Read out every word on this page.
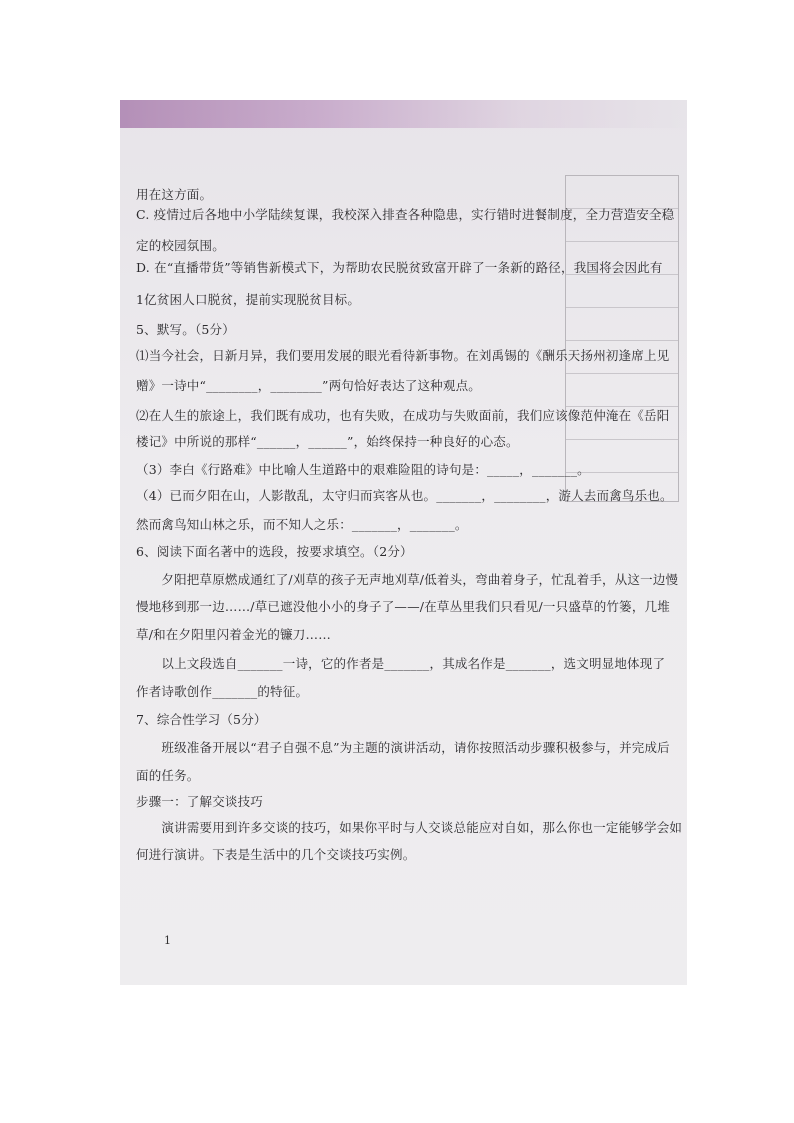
用在这方面。
C. 疫情过后各地中小学陆续复课，我校深入排查各种隐患，实行错时进餐制度，全力营造安全稳
定的校园氛围。
D. 在“直播带货”等销售新模式下，为帮助农民脱贫致富开辟了一条新的路径，我国将会因此有
1亿贫困人口脱贫，提前实现脱贫目标。
5、默写。（5分）
⑴当今社会，日新月异，我们要用发展的眼光看待新事物。在刘禹锡的《酬乐天扬州初逢席上见
赠》一诗中“________，________”两句恰好表达了这种观点。
⑵在人生的旅途上，我们既有成功，也有失败，在成功与失败面前，我们应该像范仲淹在《岳阳
楼记》中所说的那样“______，______”，始终保持一种良好的心态。
（3）李白《行路难》中比喻人生道路中的艰难险阻的诗句是：_____，_______。
（4）已而夕阳在山，人影散乱，太守归而宾客从也。_______，________，游人去而禽鸟乐也。
然而禽鸟知山林之乐，而不知人之乐：_______，_______。
6、阅读下面名著中的选段，按要求填空。（2分）
　　夕阳把草原燃成通红了/刈草的孩子无声地刈草/低着头，弯曲着身子，忙乱着手，从这一边慢
慢地移到那一边……/草已遮没他小小的身子了——/在草丛里我们只看见/一只盛草的竹篓，几堆
草/和在夕阳里闪着金光的镰刀……
　　以上文段选自_______一诗，它的作者是_______，其成名作是_______，选文明显地体现了
作者诗歌创作_______的特征。
7、综合性学习（5分）
　　班级准备开展以“君子自强不息”为主题的演讲活动，请你按照活动步骤积极参与，并完成后
面的任务。
步骤一：了解交谈技巧
　　演讲需要用到许多交谈的技巧，如果你平时与人交谈总能应对自如，那么你也一定能够学会如
何进行演讲。下表是生活中的几个交谈技巧实例。
1
